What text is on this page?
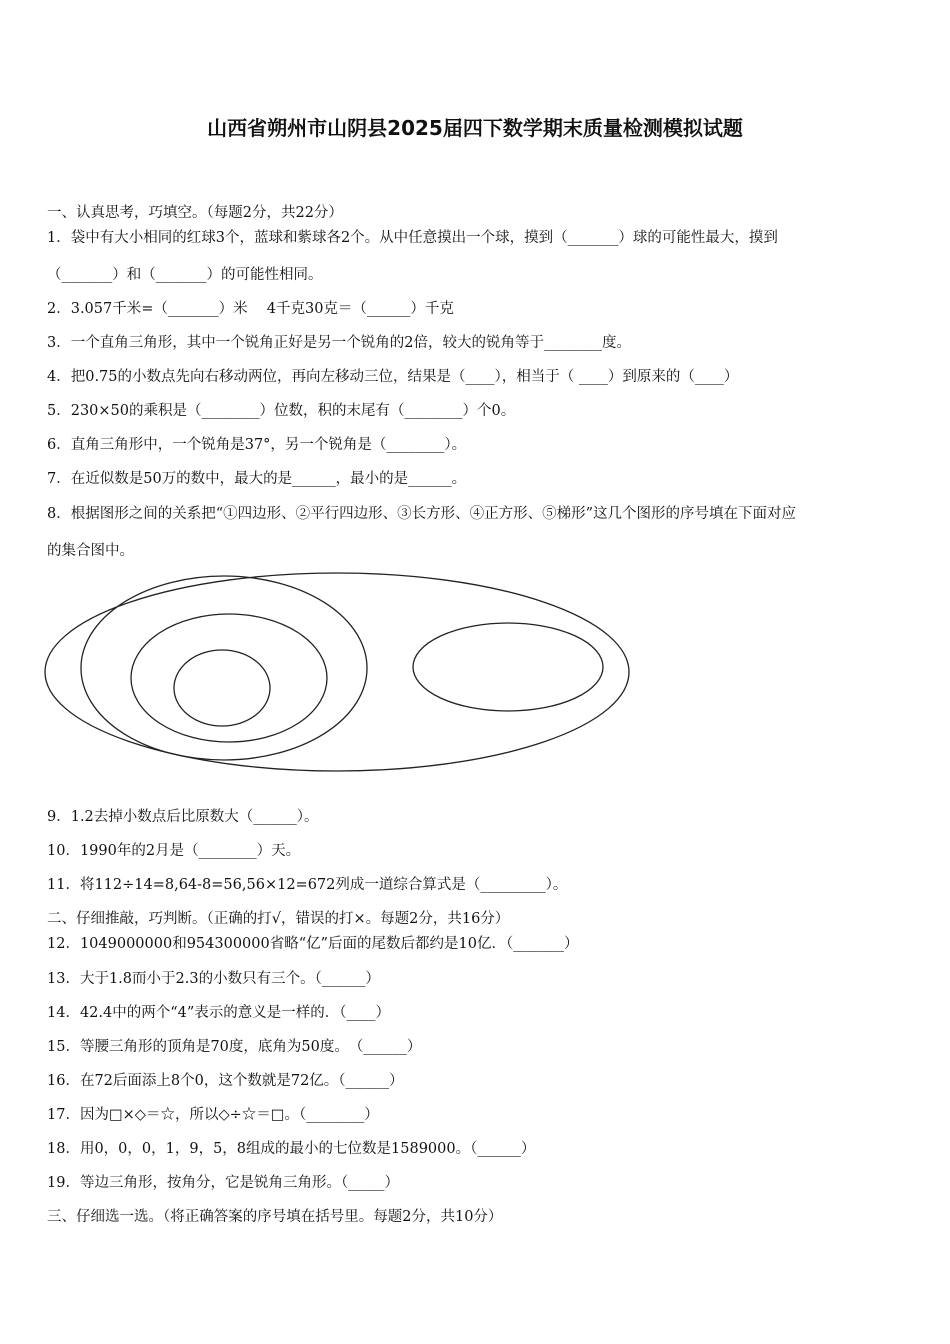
山西省朔州市山阴县2025届四下数学期末质量检测模拟试题
一、认真思考，巧填空。（每题2分，共22分）
1．袋中有大小相同的红球3个，蓝球和紫球各2个。从中任意摸出一个球，摸到（_______）球的可能性最大，摸到
（_______）和（_______）的可能性相同。
2．3.057千米=（_______）米　 4千克30克＝（______）千克
3．一个直角三角形，其中一个锐角正好是另一个锐角的2倍，较大的锐角等于________度。
4．把0.75的小数点先向右移动两位，再向左移动三位，结果是（____），相当于（ ____）到原来的（____）
5．230×50的乘积是（________）位数，积的末尾有（________）个0。
6．直角三角形中，一个锐角是37°，另一个锐角是（________）。
7．在近似数是50万的数中，最大的是______，最小的是______。
8．根据图形之间的关系把“①四边形、②平行四边形、③长方形、④正方形、⑤梯形”这几个图形的序号填在下面对应
的集合图中。
9．1.2去掉小数点后比原数大（______）。
10．1990年的2月是（________）天。
11．将112÷14=8,64-8=56,56×12=672列成一道综合算式是（_________）。
二、仔细推敲，巧判断。（正确的打√，错误的打×。每题2分，共16分）
12．1049000000和954300000省略“亿”后面的尾数后都约是10亿．（_______）
13．大于1.8而小于2.3的小数只有三个。（______）
14．42.4中的两个“4”表示的意义是一样的．（____）
15．等腰三角形的顶角是70度，底角为50度。　（______）
16．在72后面添上8个0，这个数就是72亿。（______）
17．因为□×◇＝☆，所以◇÷☆＝□。（________）
18．用0，0，0，1，9，5，8组成的最小的七位数是1589000。（______）
19．等边三角形，按角分，它是锐角三角形。（_____）
三、仔细选一选。（将正确答案的序号填在括号里。每题2分，共10分）
